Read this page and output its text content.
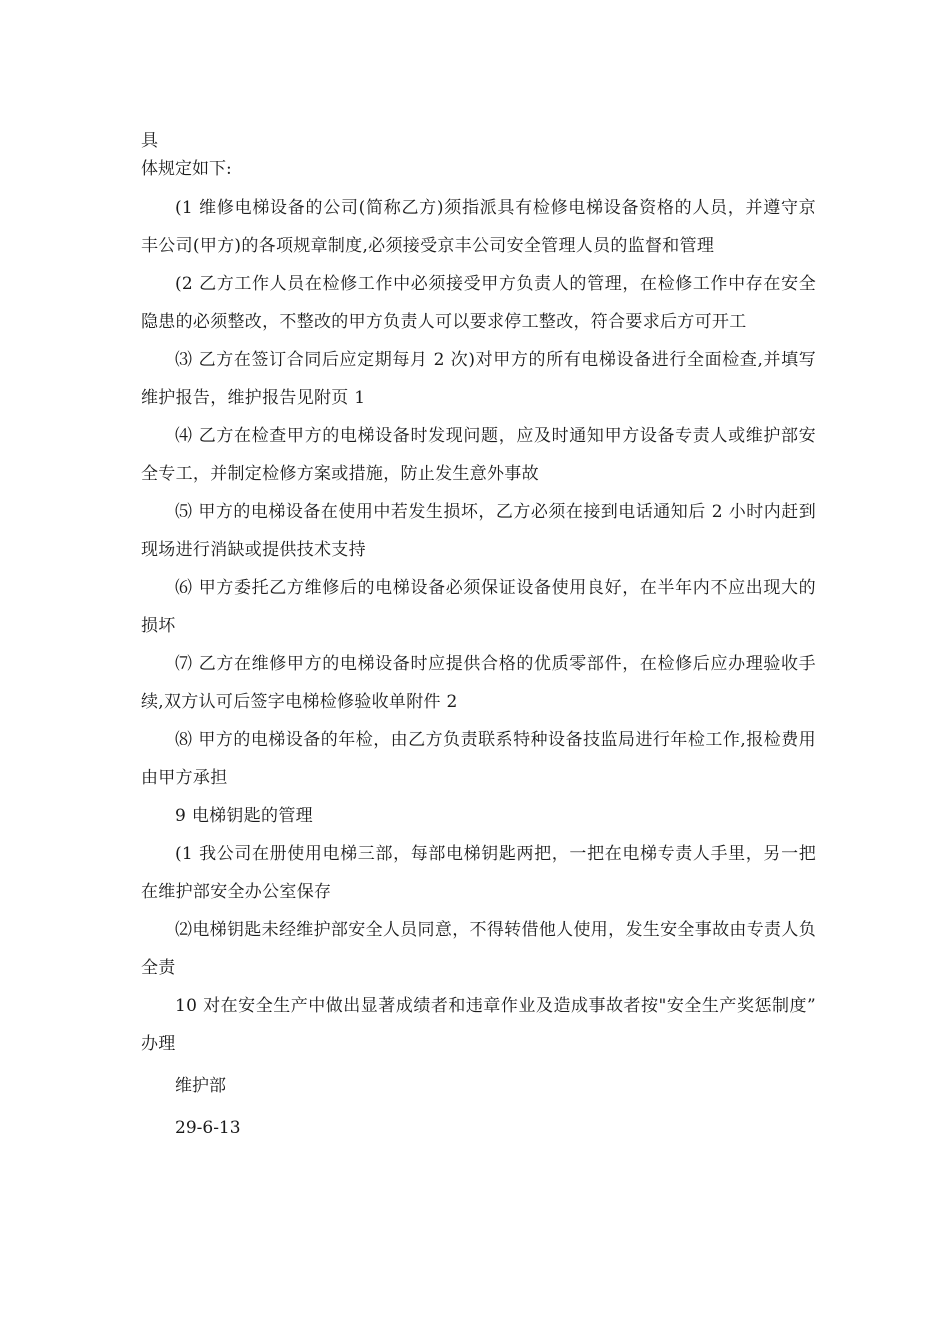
具

体规定如下:

(1 维修电梯设备的公司(简称乙方)须指派具有检修电梯设备资格的人员，并遵守京丰公司(甲方)的各项规章制度,必须接受京丰公司安全管理人员的监督和管理

(2 乙方工作人员在检修工作中必须接受甲方负责人的管理，在检修工作中存在安全隐患的必须整改，不整改的甲方负责人可以要求停工整改，符合要求后方可开工

⑶ 乙方在签订合同后应定期每月 2 次)对甲方的所有电梯设备进行全面检查,并填写维护报告，维护报告见附页 1

⑷ 乙方在检查甲方的电梯设备时发现问题，应及时通知甲方设备专责人或维护部安全专工，并制定检修方案或措施，防止发生意外事故

⑸ 甲方的电梯设备在使用中若发生损坏，乙方必须在接到电话通知后 2 小时内赶到现场进行消缺或提供技术支持

⑹ 甲方委托乙方维修后的电梯设备必须保证设备使用良好，在半年内不应出现大的损坏

⑺ 乙方在维修甲方的电梯设备时应提供合格的优质零部件，在检修后应办理验收手续,双方认可后签字电梯检修验收单附件 2

⑻ 甲方的电梯设备的年检，由乙方负责联系特种设备技监局进行年检工作,报检费用由甲方承担

9 电梯钥匙的管理

(1 我公司在册使用电梯三部，每部电梯钥匙两把，一把在电梯专责人手里，另一把在维护部安全办公室保存

⑵电梯钥匙未经维护部安全人员同意，不得转借他人使用，发生安全事故由专责人负全责

10 对在安全生产中做出显著成绩者和违章作业及造成事故者按"安全生产奖惩制度” 办理

维护部

29-6-13
